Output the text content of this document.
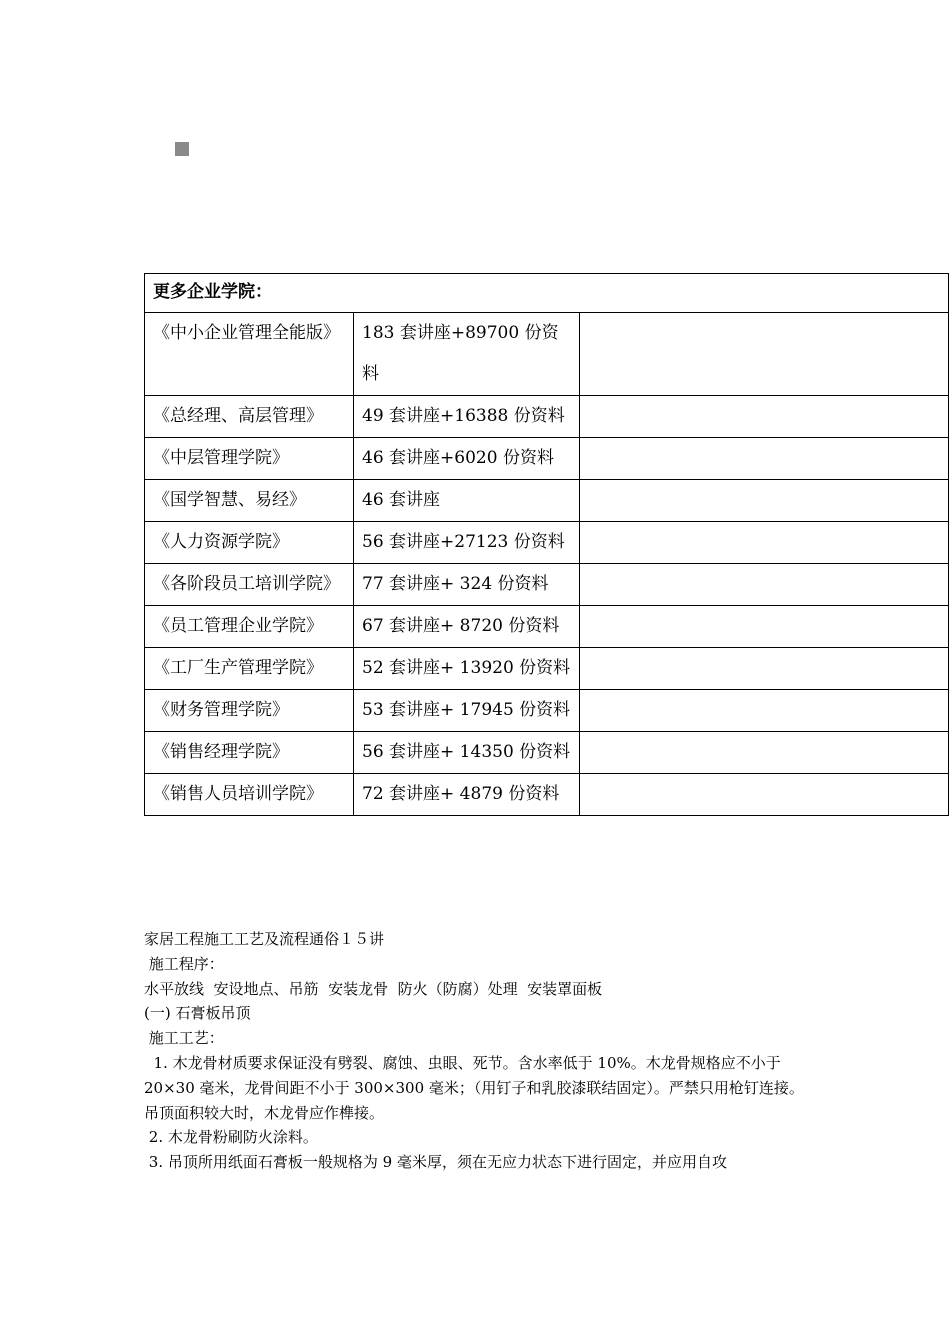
更多企业学院：		
《中小企业管理全能版》	183 套讲座+89700 份资料	
《总经理、高层管理》	49 套讲座+16388 份资料	
《中层管理学院》	46 套讲座+6020 份资料	
《国学智慧、易经》	46 套讲座	
《人力资源学院》	56 套讲座+27123 份资料	
《各阶段员工培训学院》	77 套讲座+ 324 份资料	
《员工管理企业学院》	67 套讲座+ 8720 份资料	
《工厂生产管理学院》	52 套讲座+ 13920 份资料	
《财务管理学院》	53 套讲座+ 17945 份资料	
《销售经理学院》	56 套讲座+ 14350 份资料	
《销售人员培训学院》	72 套讲座+ 4879 份资料	

家居工程施工工艺及流程通俗１５讲

施工程序：

水平放线  安设地点、吊筋  安装龙骨  防火（防腐）处理  安装罩面板

(一) 石膏板吊顶

施工工艺：

1. 木龙骨材质要求保证没有劈裂、腐蚀、虫眼、死节。含水率低于 10%。木龙骨规格应不小于 20×30 毫米，龙骨间距不小于 300×300 毫米；（用钉子和乳胶漆联结固定）。严禁只用枪钉连接。

吊顶面积较大时，木龙骨应作榫接。

2. 木龙骨粉刷防火涂料。

3. 吊顶所用纸面石膏板一般规格为 9 毫米厚，须在无应力状态下进行固定，并应用自攻
